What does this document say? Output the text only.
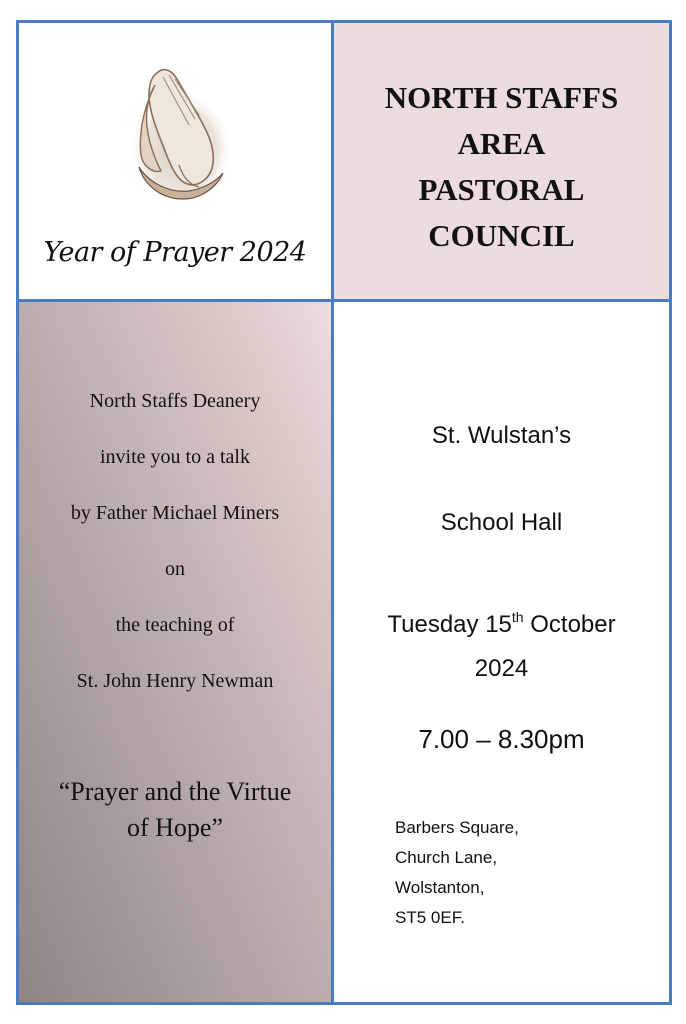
Year of Prayer 2024
NORTH STAFFS
AREA
PASTORAL
COUNCIL
North Staffs Deanery
invite you to a talk
by Father Michael Miners
on
the teaching of
St. John Henry Newman
“Prayer and the Virtue
of Hope”
St. Wulstan’s
School Hall
Tuesday 15th October
2024
7.00 – 8.30pm
Barbers Square,
Church Lane,
Wolstanton,
ST5 0EF.
